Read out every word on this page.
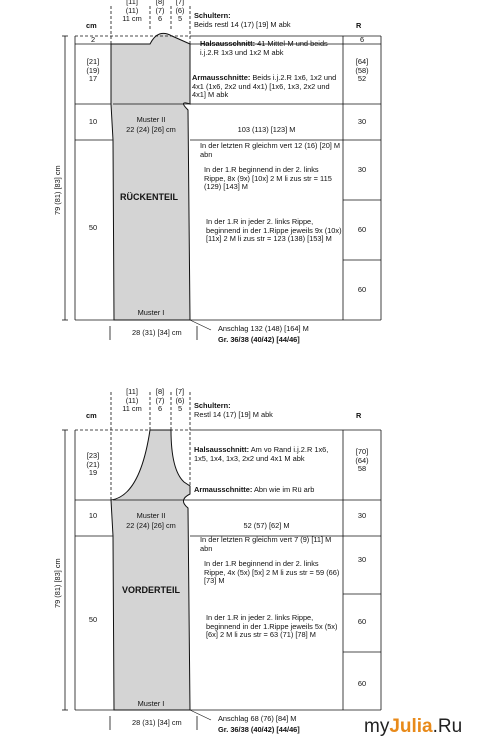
[11]
(11)
11 cm
[8]
(7)
6
[7]
(6)
5
cm	R
Schultern:
Beids restl 14 (17) [19] M abk
2
[21]
(19)
17
10
50
79 (81) [83] cm
6
[64]
(58)
52
30
30
60
60
Halsausschnitt: 41 Mittel-M und beids i.j.2.R 1x3 und 1x2 M abk
Armausschnitte: Beids i.j.2.R 1x6, 1x2 und 4x1 (1x6, 2x2 und 4x1) [1x6, 1x3, 2x2 und 4x1] M abk
Muster II
22 (24) [26] cm	103 (113) [123] M
RÜCKENTEIL
Muster I
In der letzten R gleichm vert 12 (16) [20] M abn
In der 1.R beginnend in der 2. links Rippe, 8x (9x) [10x] 2 M li zus str = 115 (129) [143] M
In der 1.R in jeder 2. links Rippe, beginnend in der 1.Rippe jeweils 9x (10x) [11x] 2 M li zus str = 123 (138) [153] M
28 (31) [34] cm	Anschlag 132 (148) [164] M
Gr. 36/38 (40/42) [44/46]
[11]
(11)
11 cm
[8]
(7)
6
[7]
(6)
5
cm	R
Schultern:
Restl 14 (17) [19] M abk
[23]
(21)
19
10
50
79 (81) [83] cm
[70]
(64)
58
30
30
60
60
Halsausschnitt: Am vo Rand i.j.2.R 1x6, 1x5, 1x4, 1x3, 2x2 und 4x1 M abk
Armausschnitte: Abn wie im Rü arb
Muster II
22 (24) [26] cm	52 (57) [62] M
VORDERTEIL
Muster I
In der letzten R gleichm vert 7 (9) [11] M abn
In der 1.R beginnend in der 2. links Rippe, 4x (5x) [5x] 2 M li zus str = 59 (66) [73] M
In der 1.R in jeder 2. links Rippe, beginnend in der 1.Rippe jeweils 5x (5x) [6x] 2 M li zus str = 63 (71) [78] M
28 (31) [34] cm	Anschlag 68 (76) [84] M
Gr. 36/38 (40/42) [44/46]	myJulia.Ru
